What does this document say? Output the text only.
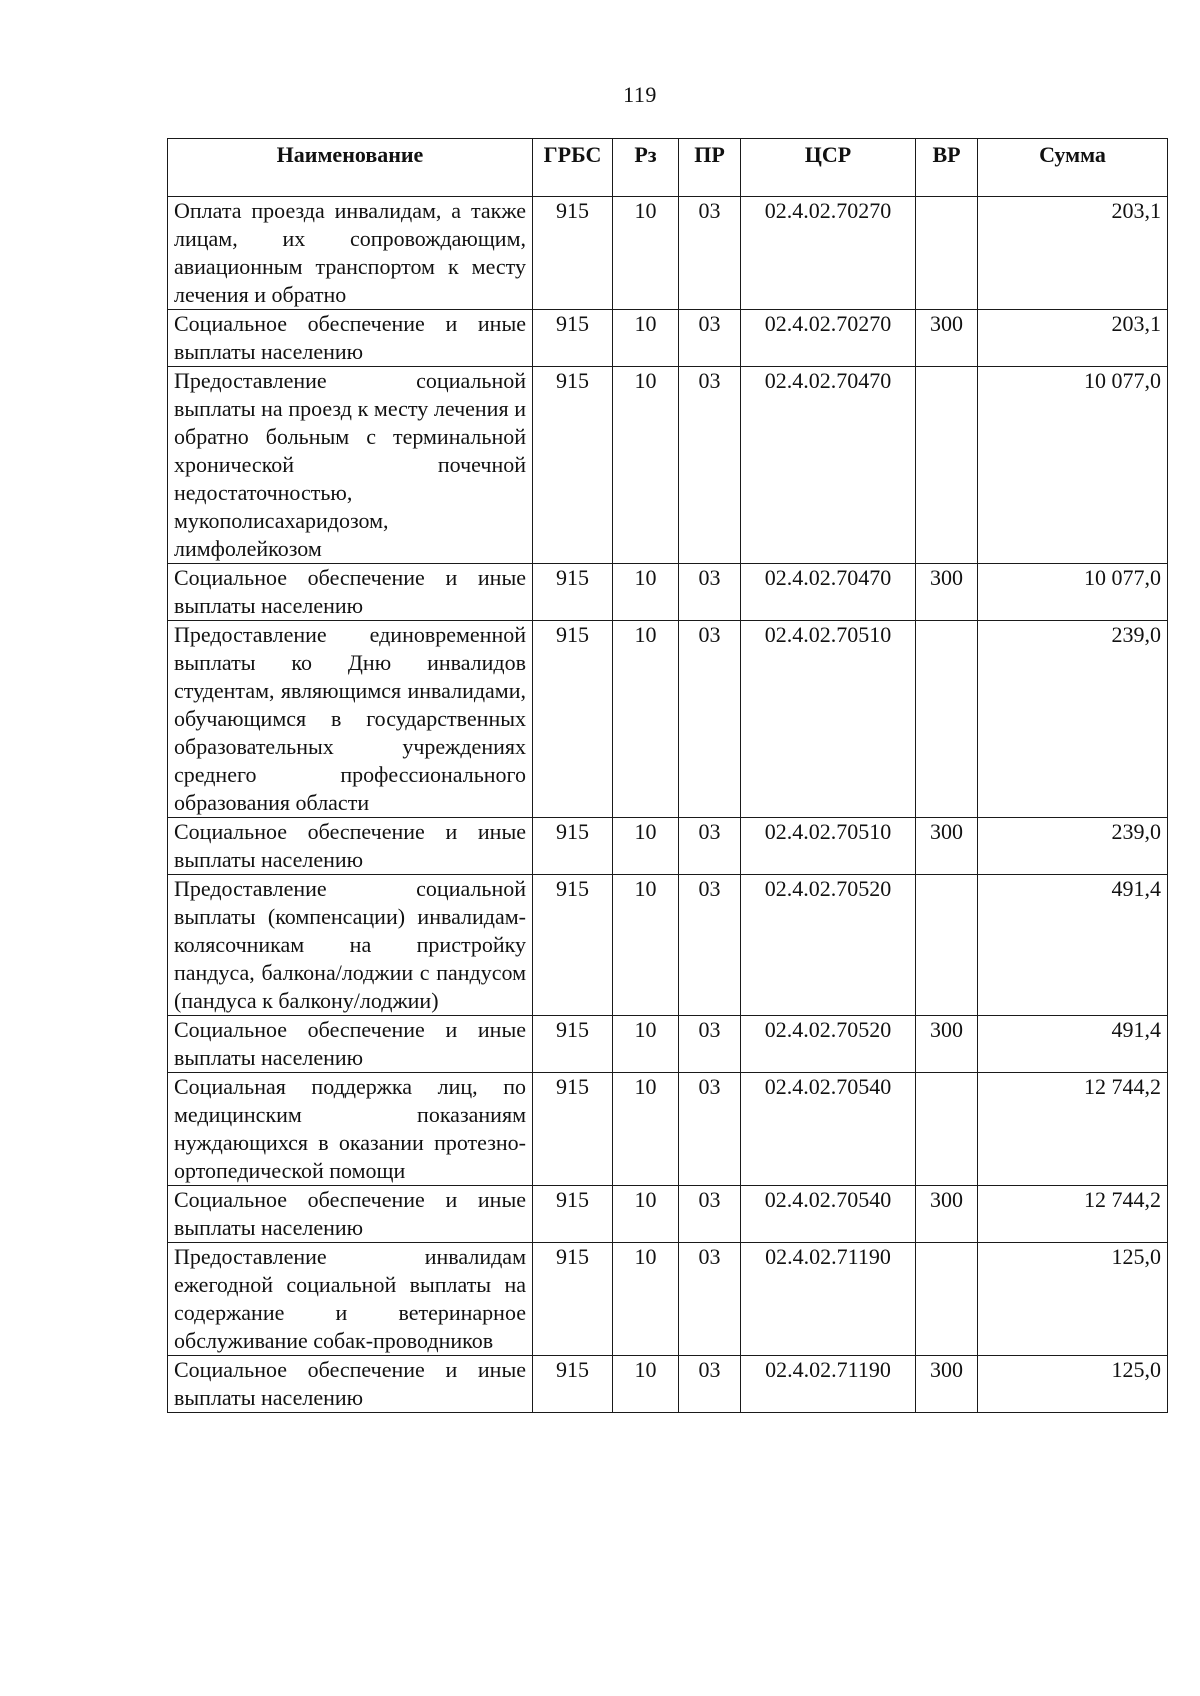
119
Наименование	ГРБС	Рз	ПР	ЦСР	ВР	Сумма
Оплата проезда инвалидам, а также лицам, их сопровождающим, авиационным транспортом к месту лечения и обратно	915	10	03	02.4.02.70270		203,1
Социальное обеспечение и иные выплаты населению	915	10	03	02.4.02.70270	300	203,1
Предоставление социальной выплаты на проезд к месту лечения и обратно больным с терминальной хронической почечной недостаточностью, мукополисахаридозом, лимфолейкозом	915	10	03	02.4.02.70470		10 077,0
Социальное обеспечение и иные выплаты населению	915	10	03	02.4.02.70470	300	10 077,0
Предоставление единовременной выплаты ко Дню инвалидов студентам, являющимся инвалидами, обучающимся в государственных образовательных учреждениях среднего профессионального образования области	915	10	03	02.4.02.70510		239,0
Социальное обеспечение и иные выплаты населению	915	10	03	02.4.02.70510	300	239,0
Предоставление социальной выплаты (компенсации) инвалидам-колясочникам на пристройку пандуса, балкона/лоджии с пандусом (пандуса к балкону/лоджии)	915	10	03	02.4.02.70520		491,4
Социальное обеспечение и иные выплаты населению	915	10	03	02.4.02.70520	300	491,4
Социальная поддержка лиц, по медицинским показаниям нуждающихся в оказании протезно-ортопедической помощи	915	10	03	02.4.02.70540		12 744,2
Социальное обеспечение и иные выплаты населению	915	10	03	02.4.02.70540	300	12 744,2
Предоставление инвалидам ежегодной социальной выплаты на содержание и ветеринарное обслуживание собак-проводников	915	10	03	02.4.02.71190		125,0
Социальное обеспечение и иные выплаты населению	915	10	03	02.4.02.71190	300	125,0
